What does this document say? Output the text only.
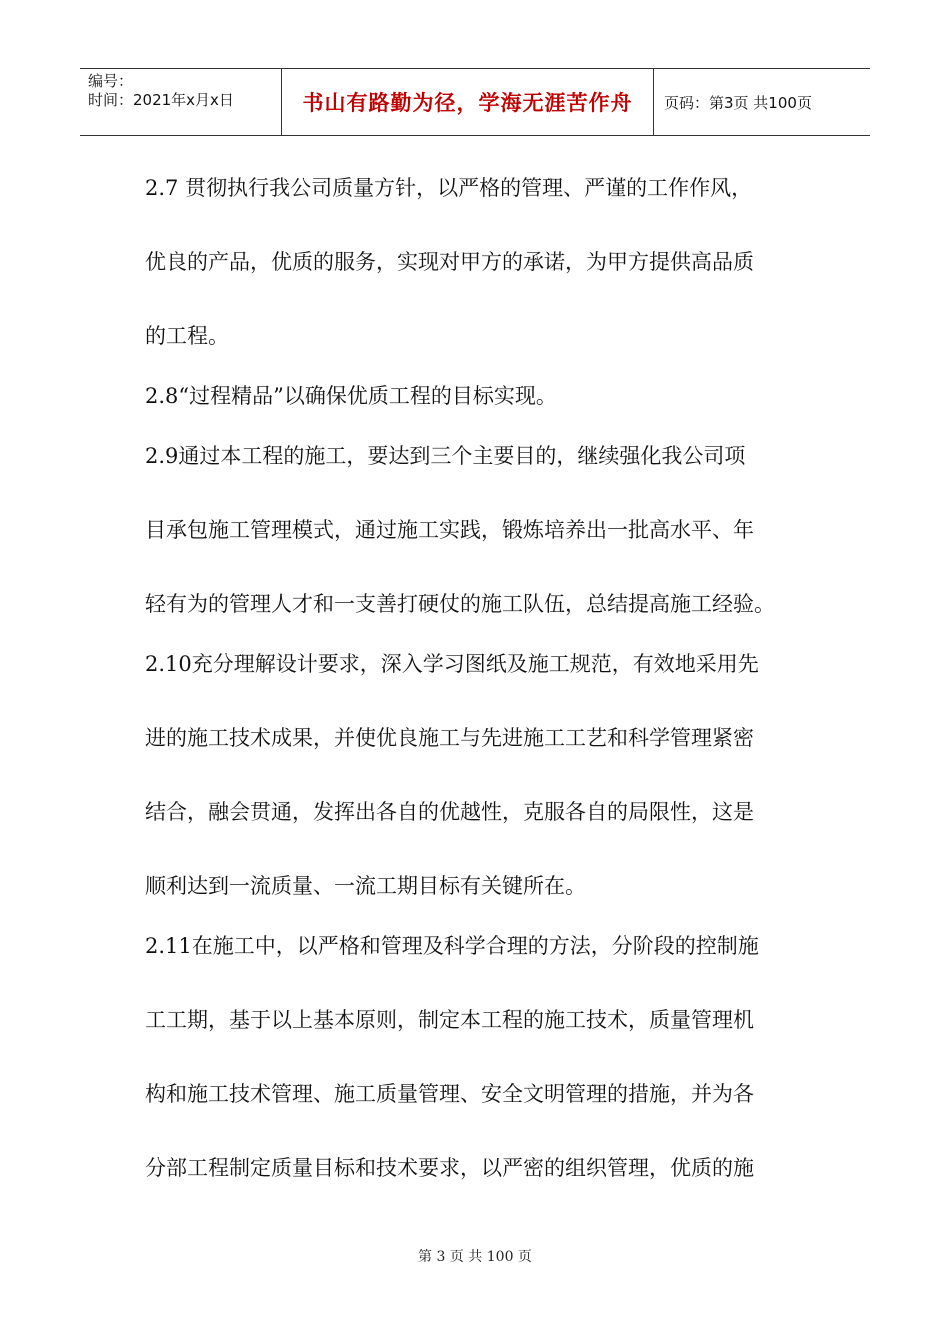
编号：
时间：2021年x月x日	书山有路勤为径，学海无涯苦作舟 页码：第3页 共100页

2.7 贯彻执行我公司质量方针，以严格的管理、严谨的工作作风，

优良的产品，优质的服务，实现对甲方的承诺，为甲方提供高品质

的工程。

2.8“过程精品”以确保优质工程的目标实现。

2.9通过本工程的施工，要达到三个主要目的，继续强化我公司项

目承包施工管理模式，通过施工实践，锻炼培养出一批高水平、年

轻有为的管理人才和一支善打硬仗的施工队伍，总结提高施工经验。

2.10充分理解设计要求，深入学习图纸及施工规范，有效地采用先

进的施工技术成果，并使优良施工与先进施工工艺和科学管理紧密

结合，融会贯通，发挥出各自的优越性，克服各自的局限性，这是

顺利达到一流质量、一流工期目标有关键所在。

2.11在施工中，以严格和管理及科学合理的方法，分阶段的控制施

工工期，基于以上基本原则，制定本工程的施工技术，质量管理机

构和施工技术管理、施工质量管理、安全文明管理的措施，并为各

分部工程制定质量目标和技术要求，以严密的组织管理，优质的施

第 3 页 共 100 页
